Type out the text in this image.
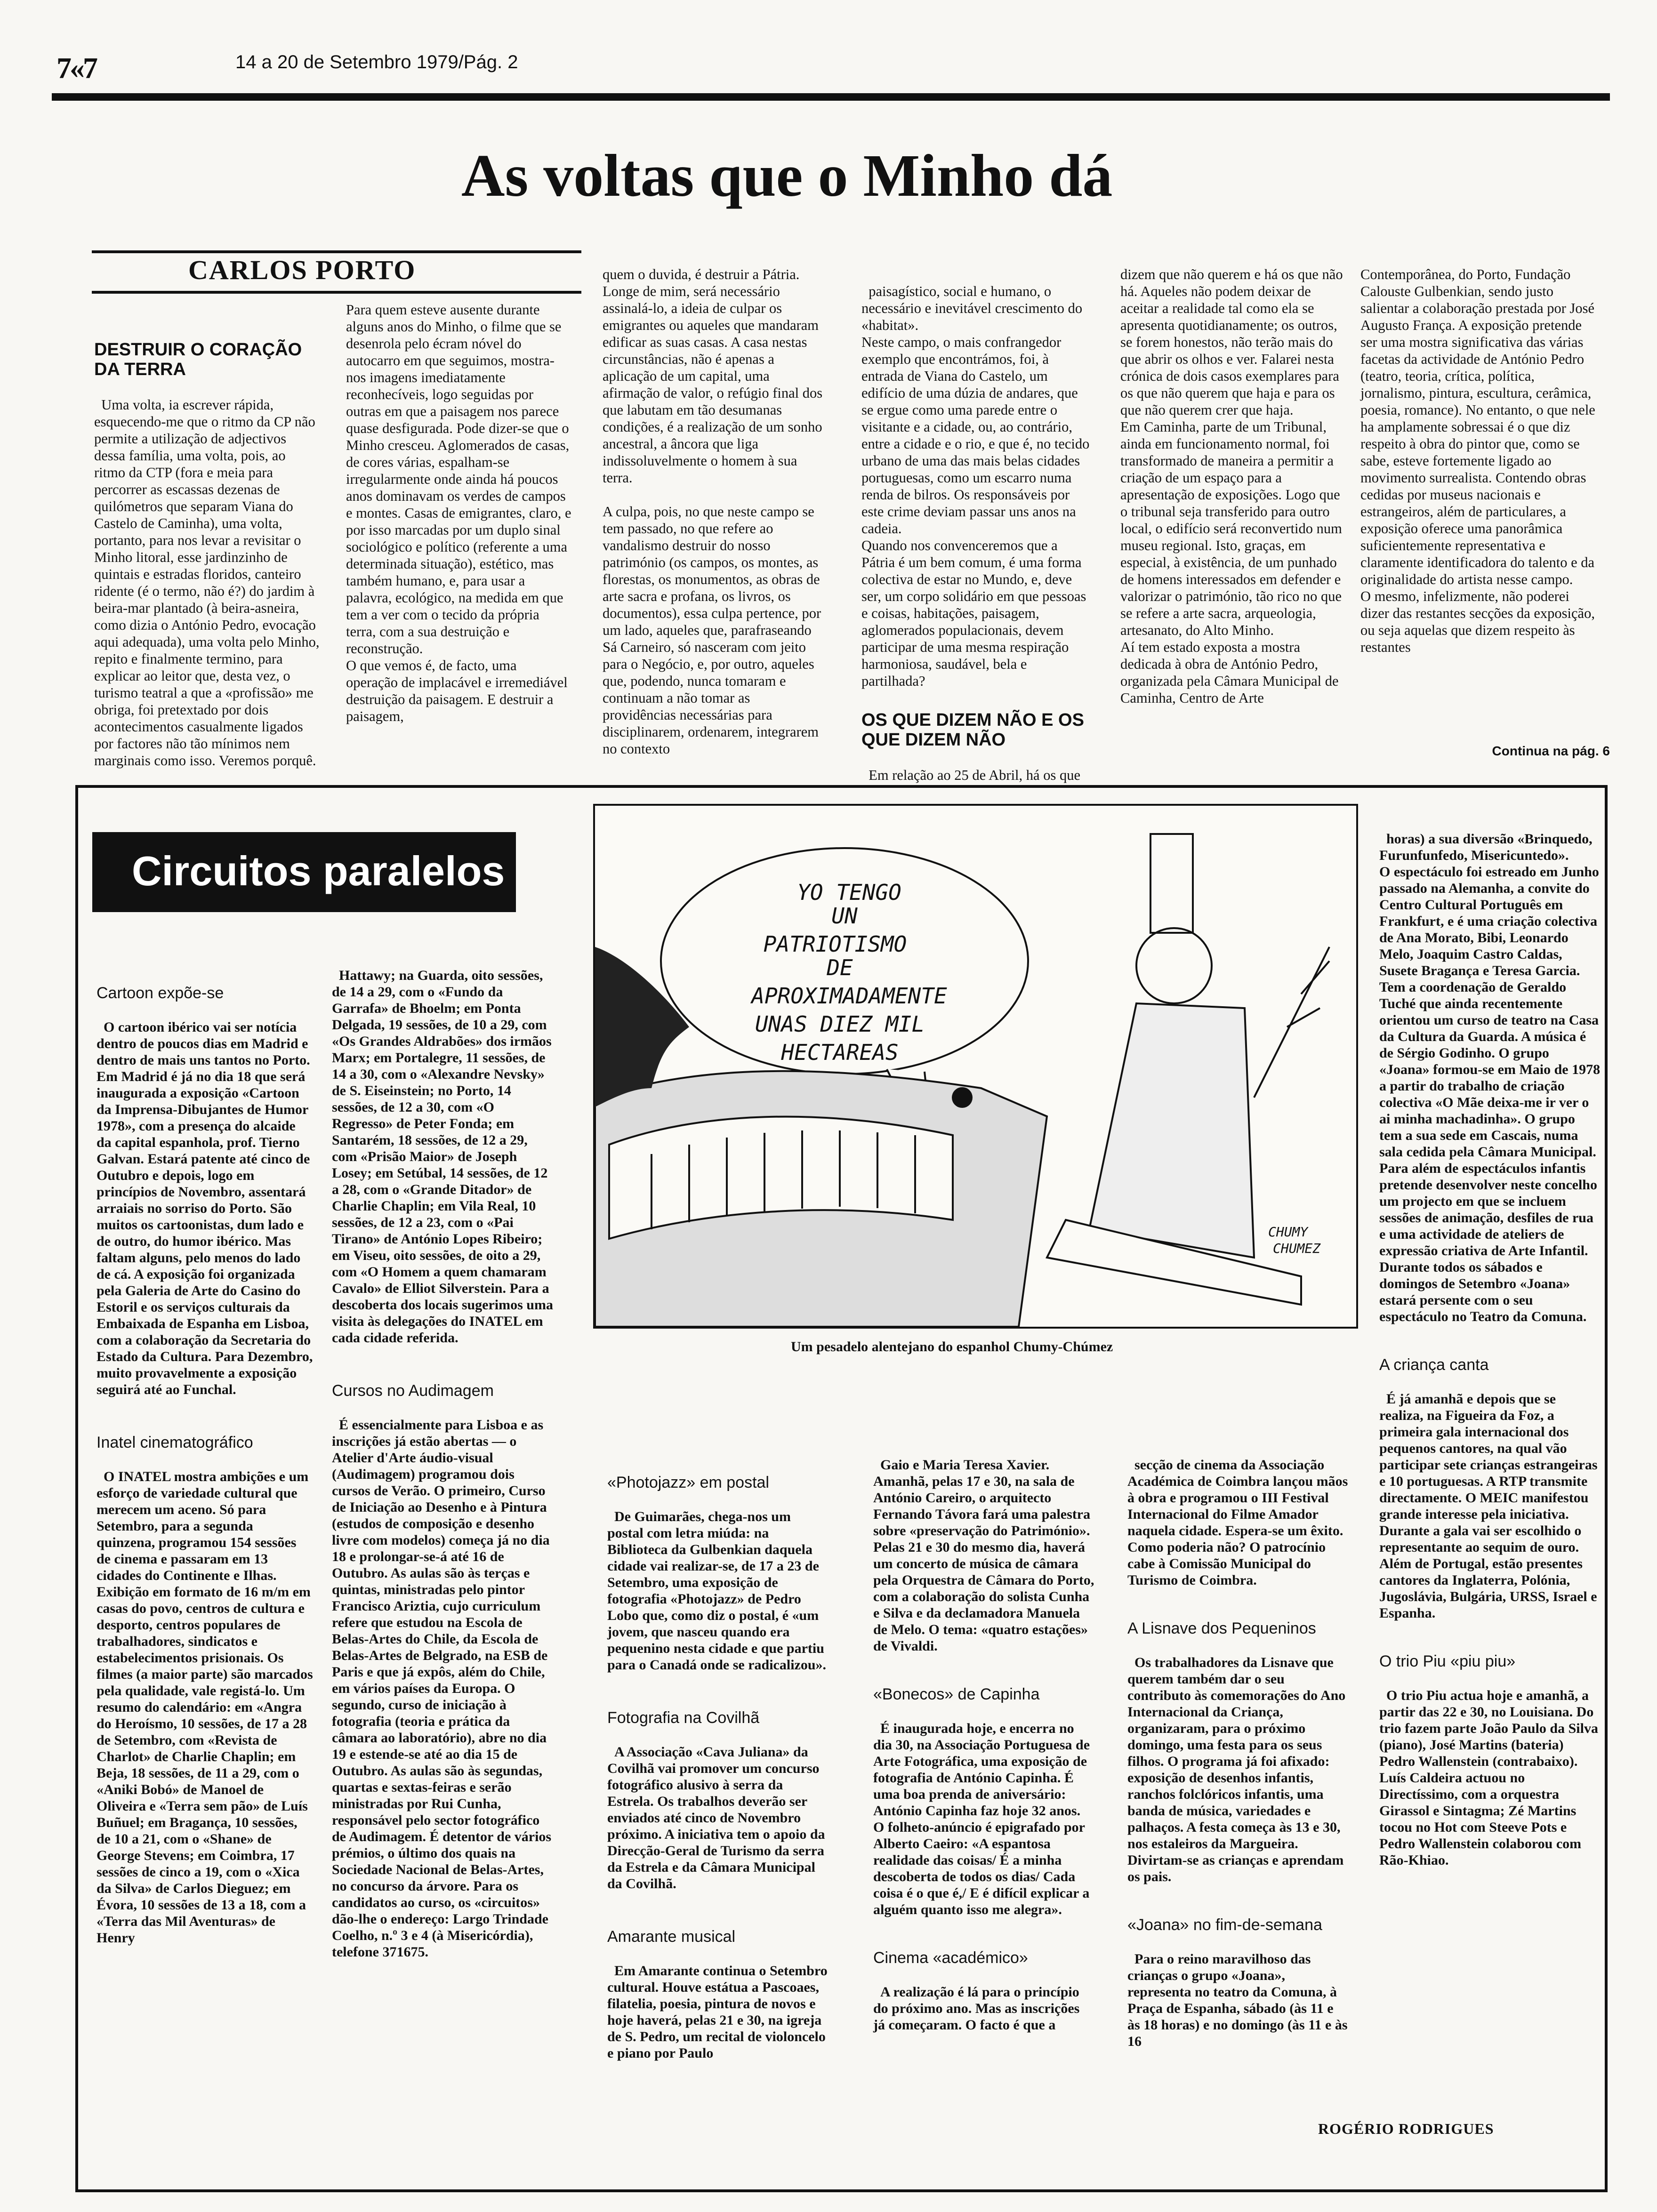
7«7	14 a 20 de Setembro 1979/Pág. 2
As voltas que o Minho dá
CARLOS PORTO

DESTRUIR O CORAÇÃO DA TERRA

Uma volta, ia escrever rápida, esquecendo-me que o ritmo da CP não permite a utilização de adjectivos dessa família, uma volta, pois, ao ritmo da CTP (fora e meia para percorrer as escassas dezenas de quilómetros que separam Viana do Castelo de Caminha), uma volta, portanto, para nos levar a revisitar o Minho litoral, esse jardinzinho de quintais e estradas floridos, canteiro ridente (é o termo, não é?) do jardim à beira-mar plantado (à beira-asneira, como dizia o António Pedro, evocação aqui adequada), uma volta pelo Minho, repito e finalmente termino, para explicar ao leitor que, desta vez, o turismo teatral a que a «profissão» me obriga, foi pretextado por dois acontecimentos casualmente ligados por factores não tão mínimos nem marginais como isso. Veremos porquê.

Para quem esteve ausente durante alguns anos do Minho, o filme que se desenrola pelo écram nóvel do autocarro em que seguimos, mostra-nos imagens imediatamente reconhecíveis, logo seguidas por outras em que a paisagem nos parece quase desfigurada. Pode dizer-se que o Minho cresceu. Aglomerados de casas, de cores várias, espalham-se irregularmente onde ainda há poucos anos dominavam os verdes de campos e montes. Casas de emigrantes, claro, e por isso marcadas por um duplo sinal sociológico e político (referente a uma determinada situação), estético, mas também humano, e, para usar a palavra, ecológico, na medida em que tem a ver com o tecido da própria terra, com a sua destruição e reconstrução.
O que vemos é, de facto, uma operação de implacável e irremediável destruição da paisagem. E destruir a paisagem,
quem o duvida, é destruir a Pátria. Longe de mim, será necessário assinalá-lo, a ideia de culpar os emigrantes ou aqueles que mandaram edificar as suas casas. A casa nestas circunstâncias, não é apenas a aplicação de um capital, uma afirmação de valor, o refúgio final dos que labutam em tão desumanas condições, é a realização de um sonho ancestral, a âncora que liga indissoluvelmente o homem à sua terra.

A culpa, pois, no que neste campo se tem passado, no que refere ao vandalismo destruir do nosso património (os campos, os montes, as florestas, os monumentos, as obras de arte sacra e profana, os livros, os documentos), essa culpa pertence, por um lado, aqueles que, parafraseando Sá Carneiro, só nasceram com jeito para o Negócio, e, por outro, aqueles que, podendo, nunca tomaram e continuam a não tomar as providências necessárias para disciplinarem, ordenarem, integrarem no contexto

paisagístico, social e humano, o necessário e inevitável crescimento do «habitat».
Neste campo, o mais confrangedor exemplo que encontrámos, foi, à entrada de Viana do Castelo, um edifício de uma dúzia de andares, que se ergue como uma parede entre o visitante e a cidade, ou, ao contrário, entre a cidade e o rio, e que é, no tecido urbano de uma das mais belas cidades portuguesas, como um escarro numa renda de bilros. Os responsáveis por este crime deviam passar uns anos na cadeia.
Quando nos convenceremos que a Pátria é um bem comum, é uma forma colectiva de estar no Mundo, e, deve ser, um corpo solidário em que pessoas e coisas, habitações, paisagem, aglomerados populacionais, devem participar de uma mesma respiração harmoniosa, saudável, bela e partilhada?

OS QUE DIZEM NÃO E OS QUE DIZEM NÃO

Em relação ao 25 de Abril, há os que

dizem que não querem e há os que não há. Aqueles não podem deixar de aceitar a realidade tal como ela se apresenta quotidianamente; os outros, se forem honestos, não terão mais do que abrir os olhos e ver. Falarei nesta crónica de dois casos exemplares para os que não querem que haja e para os que não querem crer que haja.
Em Caminha, parte de um Tribunal, ainda em funcionamento normal, foi transformado de maneira a permitir a criação de um espaço para a apresentação de exposições. Logo que o tribunal seja transferido para outro local, o edifício será reconvertido num museu regional. Isto, graças, em especial, à existência, de um punhado de homens interessados em defender e valorizar o património, tão rico no que se refere a arte sacra, arqueologia, artesanato, do Alto Minho.
Aí tem estado exposta a mostra dedicada à obra de António Pedro, organizada pela Câmara Municipal de Caminha, Centro de Arte
Contemporânea, do Porto, Fundação Calouste Gulbenkian, sendo justo salientar a colaboração prestada por José Augusto França. A exposição pretende ser uma mostra significativa das várias facetas da actividade de António Pedro (teatro, teoria, crítica, política, jornalismo, pintura, escultura, cerâmica, poesia, romance). No entanto, o que nele ha amplamente sobressai é o que diz respeito à obra do pintor que, como se sabe, esteve fortemente ligado ao movimento surrealista. Contendo obras cedidas por museus nacionais e estrangeiros, além de particulares, a exposição oferece uma panorâmica suficientemente representativa e claramente identificadora do talento e da originalidade do artista nesse campo.
O mesmo, infelizmente, não poderei dizer das restantes secções da exposição, ou seja aquelas que dizem respeito às restantes
Continua na pág. 6
Circuitos paralelos	YO TENGO
UN
PATRIOTISMO
DE
APROXIMADAMENTE
UNAS DIEZ MIL
HECTAREAS
CHUMY
CHUMEZ
Um pesadelo alentejano do espanhol Chumy-Chúmez

Cartoon expõe-se

O cartoon ibérico vai ser notícia dentro de poucos dias em Madrid e dentro de mais uns tantos no Porto. Em Madrid é já no dia 18 que será inaugurada a exposição «Cartoon da Imprensa-Dibujantes de Humor 1978», com a presença do alcaide da capital espanhola, prof. Tierno Galvan. Estará patente até cinco de Outubro e depois, logo em princípios de Novembro, assentará arraiais no sorriso do Porto. São muitos os cartoonistas, dum lado e de outro, do humor ibérico. Mas faltam alguns, pelo menos do lado de cá. A exposição foi organizada pela Galeria de Arte do Casino do Estoril e os serviços culturais da Embaixada de Espanha em Lisboa, com a colaboração da Secretaria do Estado da Cultura. Para Dezembro, muito provavelmente a exposição seguirá até ao Funchal.

Inatel cinematográfico

O INATEL mostra ambições e um esforço de variedade cultural que merecem um aceno. Só para Setembro, para a segunda quinzena, programou 154 sessões de cinema e passaram em 13 cidades do Continente e Ilhas. Exibição em formato de 16 m/m em casas do povo, centros de cultura e desporto, centros populares de trabalhadores, sindicatos e estabelecimentos prisionais. Os filmes (a maior parte) são marcados pela qualidade, vale registá-lo. Um resumo do calendário: em «Angra do Heroísmo, 10 sessões, de 17 a 28 de Setembro, com «Revista de Charlot» de Charlie Chaplin; em Beja, 18 sessões, de 11 a 29, com o «Aniki Bobó» de Manoel de Oliveira e «Terra sem pão» de Luís Buñuel; em Bragança, 10 sessões, de 10 a 21, com o «Shane» de George Stevens; em Coimbra, 17 sessões de cinco a 19, com o «Xica da Silva» de Carlos Dieguez; em Évora, 10 sessões de 13 a 18, com a «Terra das Mil Aventuras» de Henry

Hattawy; na Guarda, oito sessões, de 14 a 29, com o «Fundo da Garrafa» de Bhoelm; em Ponta Delgada, 19 sessões, de 10 a 29, com «Os Grandes Aldrabões» dos irmãos Marx; em Portalegre, 11 sessões, de 14 a 30, com o «Alexandre Nevsky» de S. Eiseinstein; no Porto, 14 sessões, de 12 a 30, com «O Regresso» de Peter Fonda; em Santarém, 18 sessões, de 12 a 29, com «Prisão Maior» de Joseph Losey; em Setúbal, 14 sessões, de 12 a 28, com o «Grande Ditador» de Charlie Chaplin; em Vila Real, 10 sessões, de 12 a 23, com o «Pai Tirano» de António Lopes Ribeiro; em Viseu, oito sessões, de oito a 29, com «O Homem a quem chamaram Cavalo» de Elliot Silverstein. Para a descoberta dos locais sugerimos uma visita às delegações do INATEL em cada cidade referida.

Cursos no Audimagem

É essencialmente para Lisboa e as inscrições já estão abertas — o Atelier d'Arte áudio-visual (Audimagem) programou dois cursos de Verão. O primeiro, Curso de Iniciação ao Desenho e à Pintura (estudos de composição e desenho livre com modelos) começa já no dia 18 e prolongar-se-á até 16 de Outubro. As aulas são às terças e quintas, ministradas pelo pintor Francisco Ariztia, cujo curriculum refere que estudou na Escola de Belas-Artes do Chile, da Escola de Belas-Artes de Belgrado, na ESB de Paris e que já expôs, além do Chile, em vários países da Europa. O segundo, curso de iniciação à fotografia (teoria e prática da câmara ao laboratório), abre no dia 19 e estende-se até ao dia 15 de Outubro. As aulas são às segundas, quartas e sextas-feiras e serão ministradas por Rui Cunha, responsável pelo sector fotográfico de Audimagem. É detentor de vários prémios, o último dos quais na Sociedade Nacional de Belas-Artes, no concurso da árvore. Para os candidatos ao curso, os «circuitos» dão-lhe o endereço: Largo Trindade Coelho, n.º 3 e 4 (à Misericórdia), telefone 371675.

«Photojazz» em postal

De Guimarães, chega-nos um postal com letra miúda: na Biblioteca da Gulbenkian daquela cidade vai realizar-se, de 17 a 23 de Setembro, uma exposição de fotografia «Photojazz» de Pedro Lobo que, como diz o postal, é «um jovem, que nasceu quando era pequenino nesta cidade e que partiu para o Canadá onde se radicalizou».

Fotografia na Covilhã

A Associação «Cava Juliana» da Covilhã vai promover um concurso fotográfico alusivo à serra da Estrela. Os trabalhos deverão ser enviados até cinco de Novembro próximo. A iniciativa tem o apoio da Direcção-Geral de Turismo da serra da Estrela e da Câmara Municipal da Covilhã.

Amarante musical

Em Amarante continua o Setembro cultural. Houve estátua a Pascoaes, filatelia, poesia, pintura de novos e hoje haverá, pelas 21 e 30, na igreja de S. Pedro, um recital de violoncelo e piano por Paulo

Gaio e Maria Teresa Xavier. Amanhã, pelas 17 e 30, na sala de António Careiro, o arquitecto Fernando Távora fará uma palestra sobre «preservação do Património». Pelas 21 e 30 do mesmo dia, haverá um concerto de música de câmara pela Orquestra de Câmara do Porto, com a colaboração do solista Cunha e Silva e da declamadora Manuela de Melo. O tema: «quatro estações» de Vivaldi.

«Bonecos» de Capinha

É inaugurada hoje, e encerra no dia 30, na Associação Portuguesa de Arte Fotográfica, uma exposição de fotografia de António Capinha. É uma boa prenda de aniversário: António Capinha faz hoje 32 anos. O folheto-anúncio é epigrafado por Alberto Caeiro: «A espantosa realidade das coisas/ É a minha descoberta de todos os dias/ Cada coisa é o que é,/ E é difícil explicar a alguém quanto isso me alegra».

Cinema «académico»

A realização é lá para o princípio do próximo ano. Mas as inscrições já começaram. O facto é que a

secção de cinema da Associação Académica de Coimbra lançou mãos à obra e programou o III Festival Internacional do Filme Amador naquela cidade. Espera-se um êxito. Como poderia não? O patrocínio cabe à Comissão Municipal do Turismo de Coimbra.

A Lisnave dos Pequeninos

Os trabalhadores da Lisnave que querem também dar o seu contributo às comemorações do Ano Internacional da Criança, organizaram, para o próximo domingo, uma festa para os seus filhos. O programa já foi afixado: exposição de desenhos infantis, ranchos folclóricos infantis, uma banda de música, variedades e palhaços. A festa começa às 13 e 30, nos estaleiros da Margueira. Divirtam-se as crianças e aprendam os pais.

«Joana» no fim-de-semana

Para o reino maravilhoso das crianças o grupo «Joana», representa no teatro da Comuna, à Praça de Espanha, sábado (às 11 e às 18 horas) e no domingo (às 11 e às 16

horas) a sua diversão «Brinquedo, Furunfunfedo, Misericuntedo».
O espectáculo foi estreado em Junho passado na Alemanha, a convite do Centro Cultural Português em Frankfurt, e é uma criação colectiva de Ana Morato, Bibi, Leonardo Melo, Joaquim Castro Caldas, Susete Bragança e Teresa Garcia. Tem a coordenação de Geraldo Tuché que ainda recentemente orientou um curso de teatro na Casa da Cultura da Guarda. A música é de Sérgio Godinho. O grupo «Joana» formou-se em Maio de 1978 a partir do trabalho de criação colectiva «O Mãe deixa-me ir ver o ai minha machadinha». O grupo tem a sua sede em Cascais, numa sala cedida pela Câmara Municipal. Para além de espectáculos infantis pretende desenvolver neste concelho um projecto em que se incluem sessões de animação, desfiles de rua e uma actividade de ateliers de expressão criativa de Arte Infantil. Durante todos os sábados e domingos de Setembro «Joana» estará persente com o seu espectáculo no Teatro da Comuna.

A criança canta

É já amanhã e depois que se realiza, na Figueira da Foz, a primeira gala internacional dos pequenos cantores, na qual vão participar sete crianças estrangeiras e 10 portuguesas. A RTP transmite directamente. O MEIC manifestou grande interesse pela iniciativa. Durante a gala vai ser escolhido o representante ao sequim de ouro. Além de Portugal, estão presentes cantores da Inglaterra, Polónia, Jugoslávia, Bulgária, URSS, Israel e Espanha.

O trio Piu «piu piu»

O trio Piu actua hoje e amanhã, a partir das 22 e 30, no Louisiana. Do trio fazem parte João Paulo da Silva (piano), José Martins (bateria) Pedro Wallenstein (contrabaixo). Luís Caldeira actuou no Directíssimo, com a orquestra Girassol e Sintagma; Zé Martins tocou no Hot com Steeve Pots e Pedro Wallenstein colaborou com Rão-Khiao.

ROGÉRIO RODRIGUES
